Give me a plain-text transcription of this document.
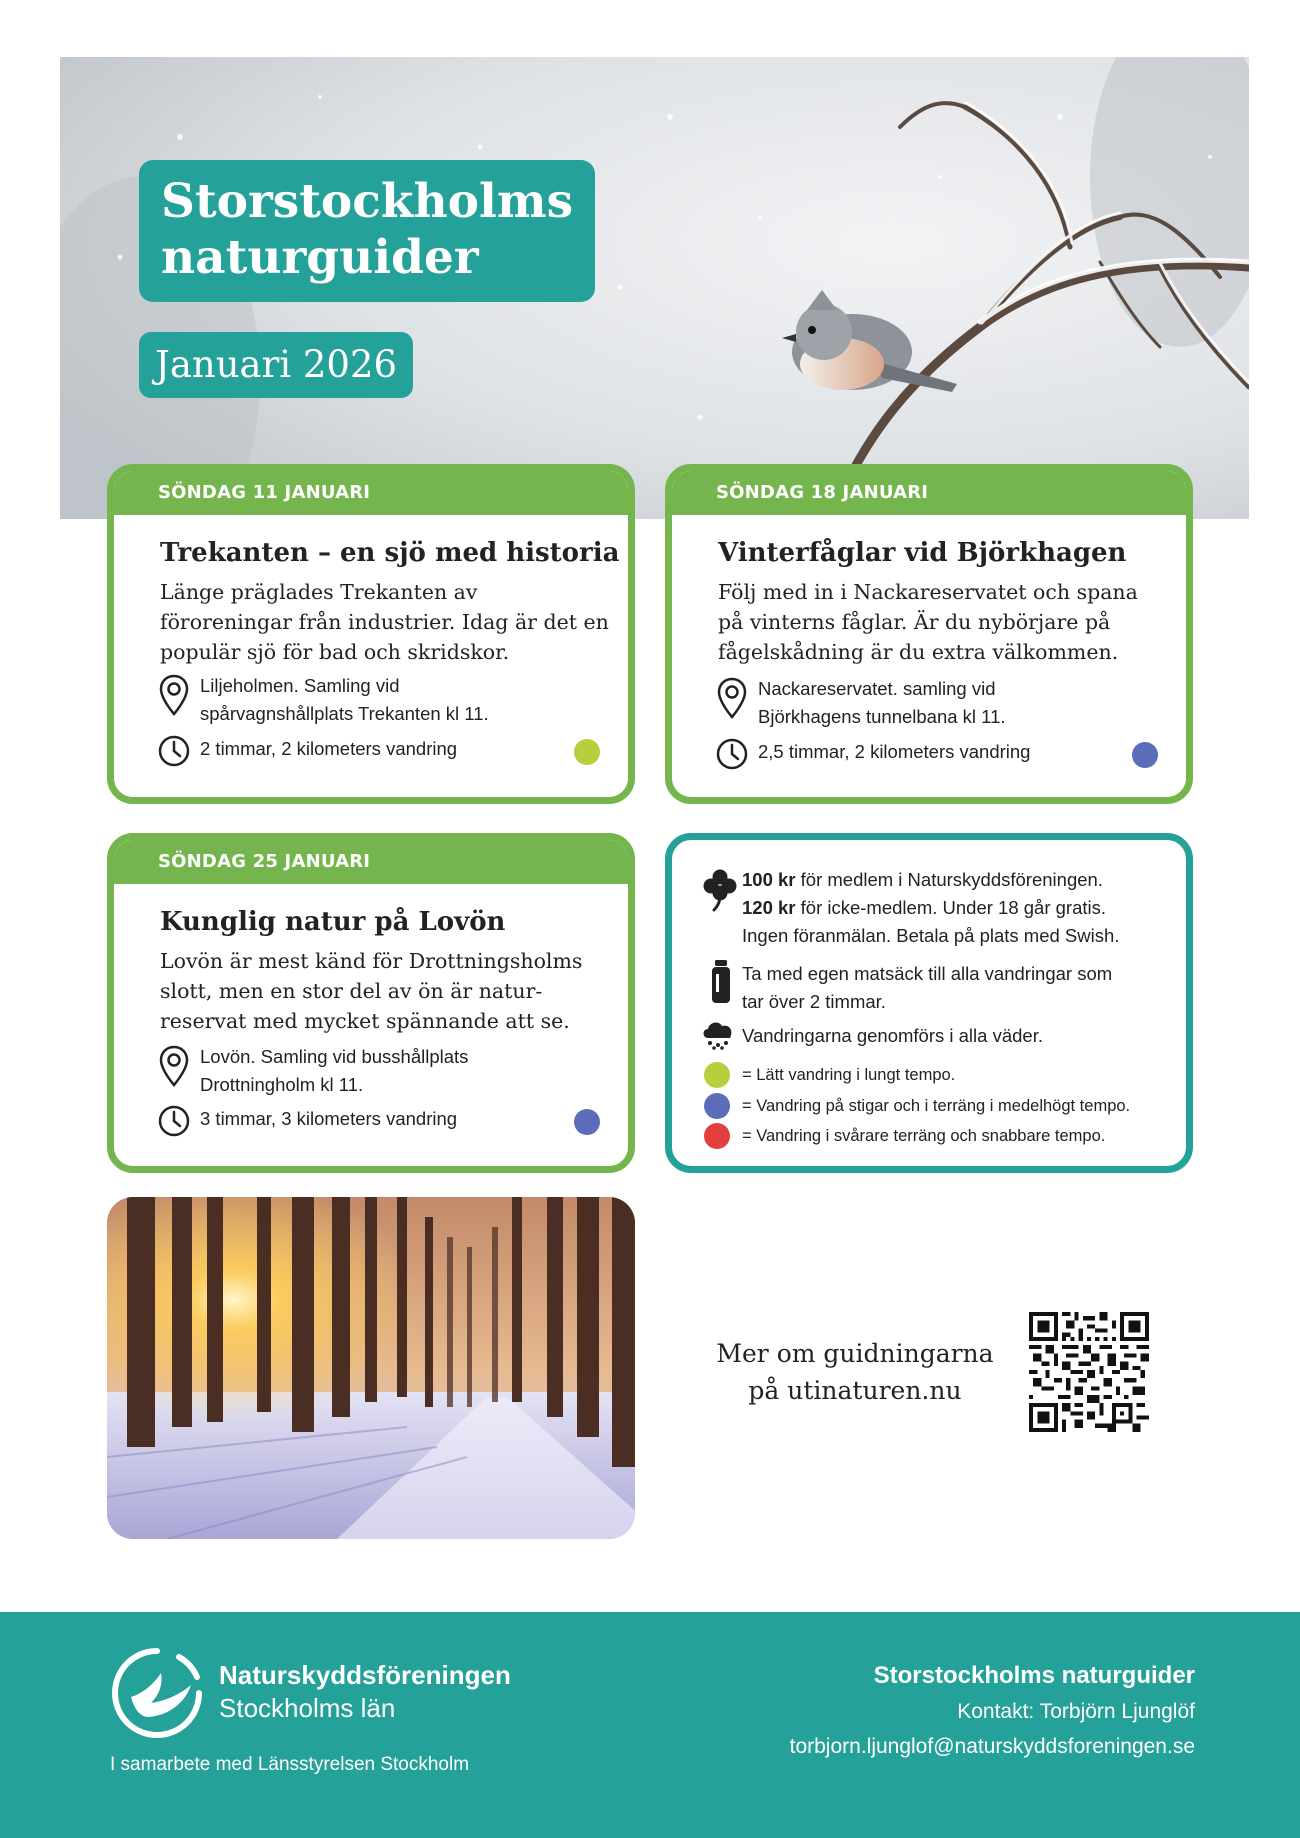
Storstockholms
naturguider
Januari 2026
SÖNDAG 11 JANUARI
Trekanten – en sjö med historia
Länge präglades Trekanten av föroreningar från industrier. Idag är det en populär sjö för bad och skridskor.
Liljeholmen. Samling vid
spårvagnshållplats Trekanten kl 11.
2 timmar, 2 kilometers vandring
SÖNDAG 18 JANUARI
Vinterfåglar vid Björkhagen
Följ med in i Nackareservatet och spana på vinterns fåglar. Är du nybörjare på fågelskådning är du extra välkommen.
Nackareservatet. samling vid
Björkhagens tunnelbana kl 11.
2,5 timmar, 2 kilometers vandring
SÖNDAG 25 JANUARI
Kunglig natur på Lovön
Lovön är mest känd för Drottningsholms slott, men en stor del av ön är natur-reservat med mycket spännande att se.
Lovön. Samling vid busshållplats
Drottningholm kl 11.
3 timmar, 3 kilometers vandring
100 kr för medlem i Naturskyddsföreningen.
120 kr för icke-medlem. Under 18 går gratis.
Ingen föranmälan. Betala på plats med Swish.
Ta med egen matsäck till alla vandringar som
tar över 2 timmar.
Vandringarna genomförs i alla väder.
= Lätt vandring i lungt tempo.
= Vandring på stigar och i terräng i medelhögt tempo.
= Vandring i svårare terräng och snabbare tempo.
Mer om guidningarna
på utinaturen.nu
Naturskyddsföreningen
Stockholms län
I samarbete med Länsstyrelsen Stockholm
Storstockholms naturguider
Kontakt: Torbjörn Ljunglöf
torbjorn.ljunglof@naturskyddsforeningen.se
